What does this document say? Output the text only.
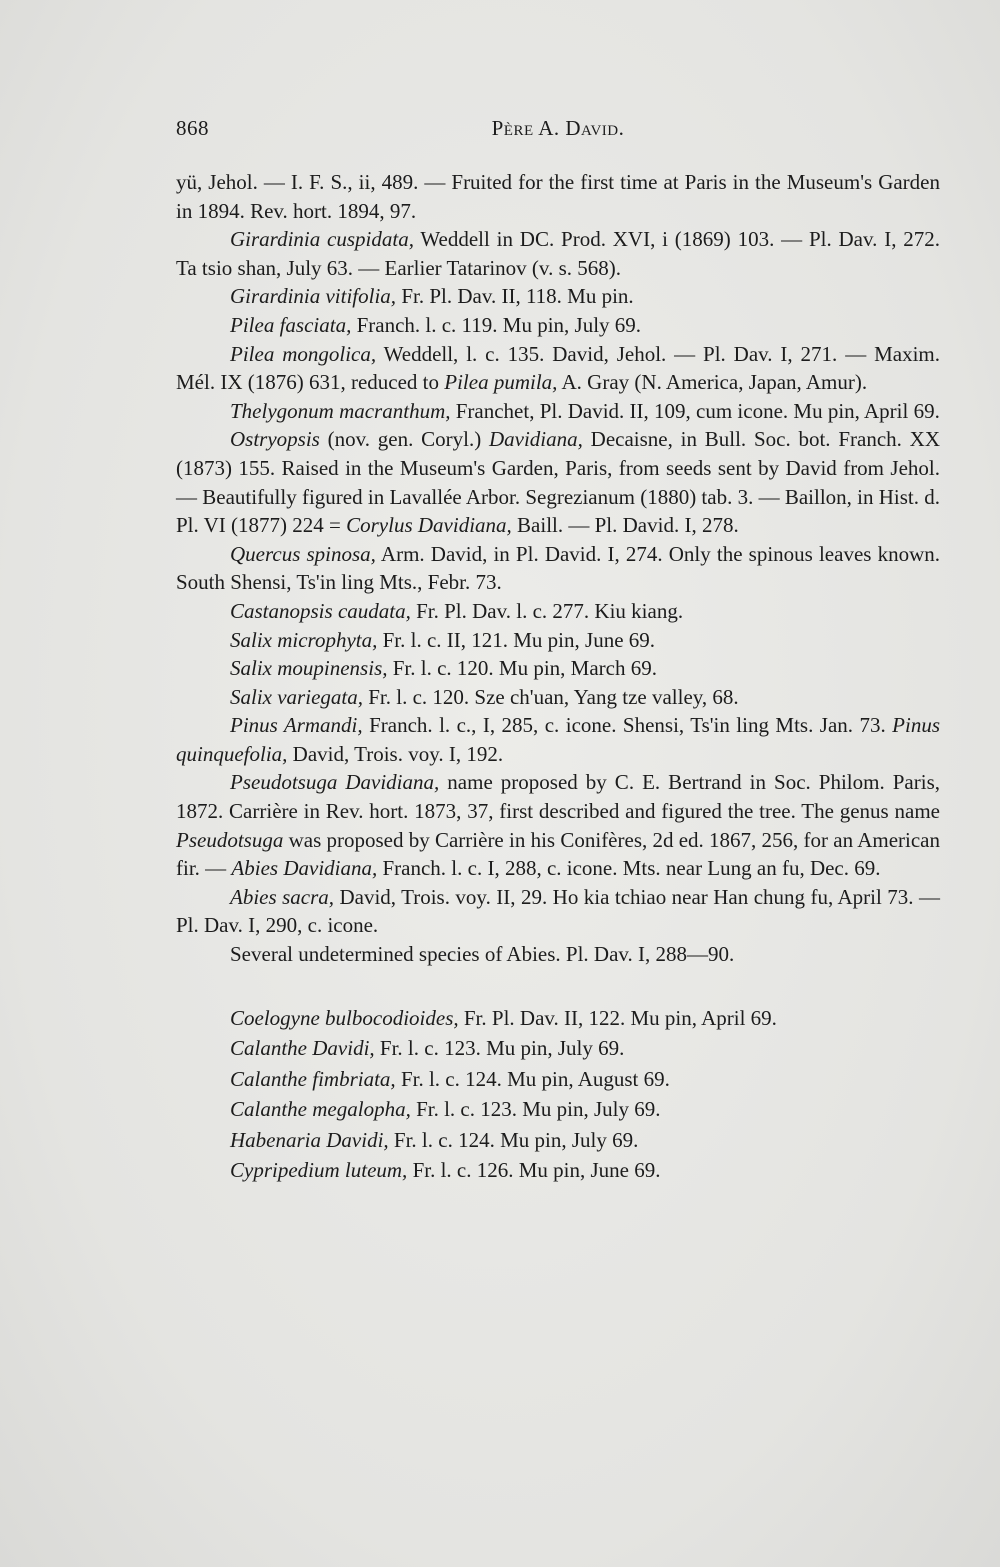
868	Père A. David.

yü, Jehol. — I. F. S., ii, 489. — Fruited for the first time at Paris in the Museum's Garden in 1894. Rev. hort. 1894, 97.

Girardinia cuspidata, Weddell in DC. Prod. XVI, i (1869) 103. — Pl. Dav. I, 272. Ta tsio shan, July 63. — Earlier Tatarinov (v. s. 568).

Girardinia vitifolia, Fr. Pl. Dav. II, 118. Mu pin.

Pilea fasciata, Franch. l. c. 119. Mu pin, July 69.

Pilea mongolica, Weddell, l. c. 135. David, Jehol. — Pl. Dav. I, 271. — Maxim. Mél. IX (1876) 631, reduced to Pilea pumila, A. Gray (N. America, Japan, Amur).

Thelygonum macranthum, Franchet, Pl. David. II, 109, cum icone. Mu pin, April 69.

Ostryopsis (nov. gen. Coryl.) Davidiana, Decaisne, in Bull. Soc. bot. Franch. XX (1873) 155. Raised in the Museum's Garden, Paris, from seeds sent by David from Jehol. — Beautifully figured in Lavallée Arbor. Segrezianum (1880) tab. 3. — Baillon, in Hist. d. Pl. VI (1877) 224 = Corylus Davidiana, Baill. — Pl. David. I, 278.

Quercus spinosa, Arm. David, in Pl. David. I, 274. Only the spinous leaves known. South Shensi, Ts'in ling Mts., Febr. 73.

Castanopsis caudata, Fr. Pl. Dav. l. c. 277. Kiu kiang.

Salix microphyta, Fr. l. c. II, 121. Mu pin, June 69.

Salix moupinensis, Fr. l. c. 120. Mu pin, March 69.

Salix variegata, Fr. l. c. 120. Sze ch'uan, Yang tze valley, 68.

Pinus Armandi, Franch. l. c., I, 285, c. icone. Shensi, Ts'in ling Mts. Jan. 73. Pinus quinquefolia, David, Trois. voy. I, 192.

Pseudotsuga Davidiana, name proposed by C. E. Bertrand in Soc. Philom. Paris, 1872. Carrière in Rev. hort. 1873, 37, first described and figured the tree. The genus name Pseudotsuga was proposed by Carrière in his Conifères, 2d ed. 1867, 256, for an American fir. — Abies Davidiana, Franch. l. c. I, 288, c. icone. Mts. near Lung an fu, Dec. 69.

Abies sacra, David, Trois. voy. II, 29. Ho kia tchiao near Han chung fu, April 73. — Pl. Dav. I, 290, c. icone.

Several undetermined species of Abies. Pl. Dav. I, 288—90.

Coelogyne bulbocodioides, Fr. Pl. Dav. II, 122. Mu pin, April 69.

Calanthe Davidi, Fr. l. c. 123. Mu pin, July 69.

Calanthe fimbriata, Fr. l. c. 124. Mu pin, August 69.

Calanthe megalopha, Fr. l. c. 123. Mu pin, July 69.

Habenaria Davidi, Fr. l. c. 124. Mu pin, July 69.

Cypripedium luteum, Fr. l. c. 126. Mu pin, June 69.
